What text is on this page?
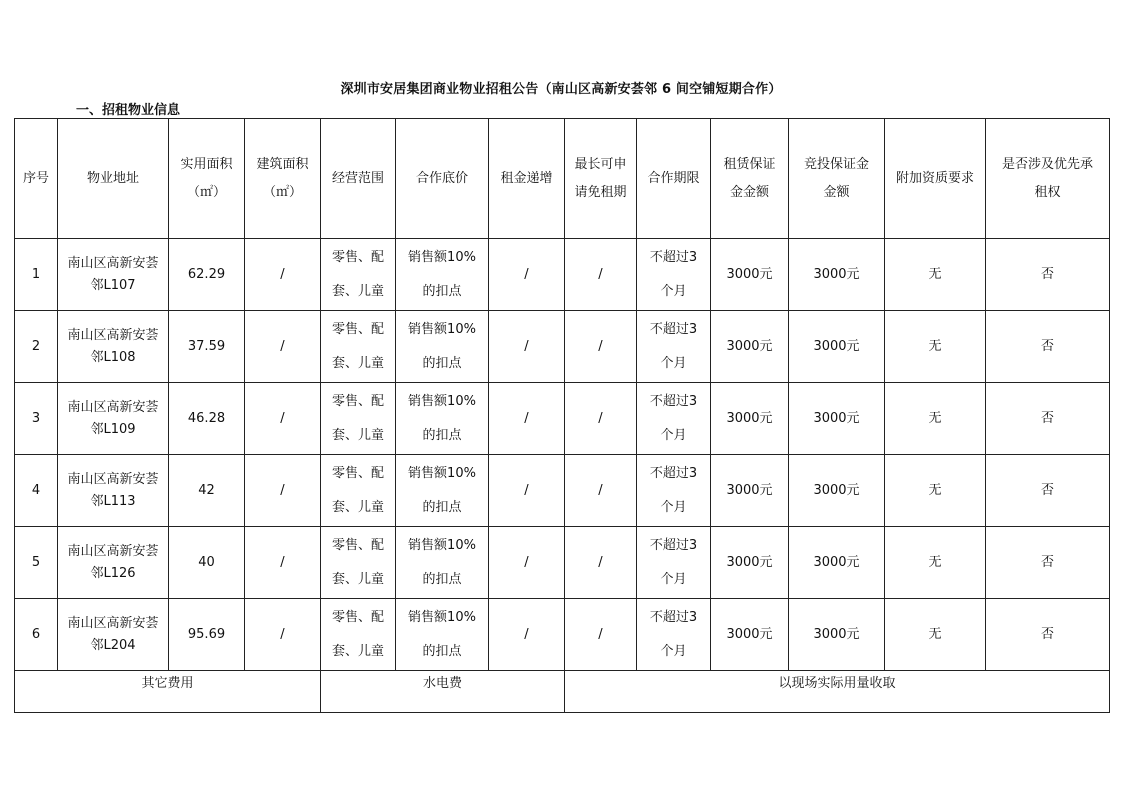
深圳市安居集团商业物业招租公告（南山区高新安荟邻 6 间空铺短期合作）
一、招租物业信息
序号	物业地址	实用面积
（㎡）	建筑面积
（㎡）	经营范围	合作底价	租金递增	最长可申
请免租期	合作期限	租赁保证
金金额	竞投保证金
金额	附加资质要求	是否涉及优先承
租权

1	南山区高新安荟
邻L107	62.29	/	零售、配
套、儿童	销售额10%
的扣点	/	/	不超过3
个月	3000元	3000元	无	否
2	南山区高新安荟
邻L108	37.59	/	零售、配
套、儿童	销售额10%
的扣点	/	/	不超过3
个月	3000元	3000元	无	否
3	南山区高新安荟
邻L109	46.28	/	零售、配
套、儿童	销售额10%
的扣点	/	/	不超过3
个月	3000元	3000元	无	否
4	南山区高新安荟
邻L113	42	/	零售、配
套、儿童	销售额10%
的扣点	/	/	不超过3
个月	3000元	3000元	无	否
5	南山区高新安荟
邻L126	40	/	零售、配
套、儿童	销售额10%
的扣点	/	/	不超过3
个月	3000元	3000元	无	否
6	南山区高新安荟
邻L204	95.69	/	零售、配
套、儿童	销售额10%
的扣点	/	/	不超过3
个月	3000元	3000元	无	否
其它费用				水电费			以现场实际用量收取					
